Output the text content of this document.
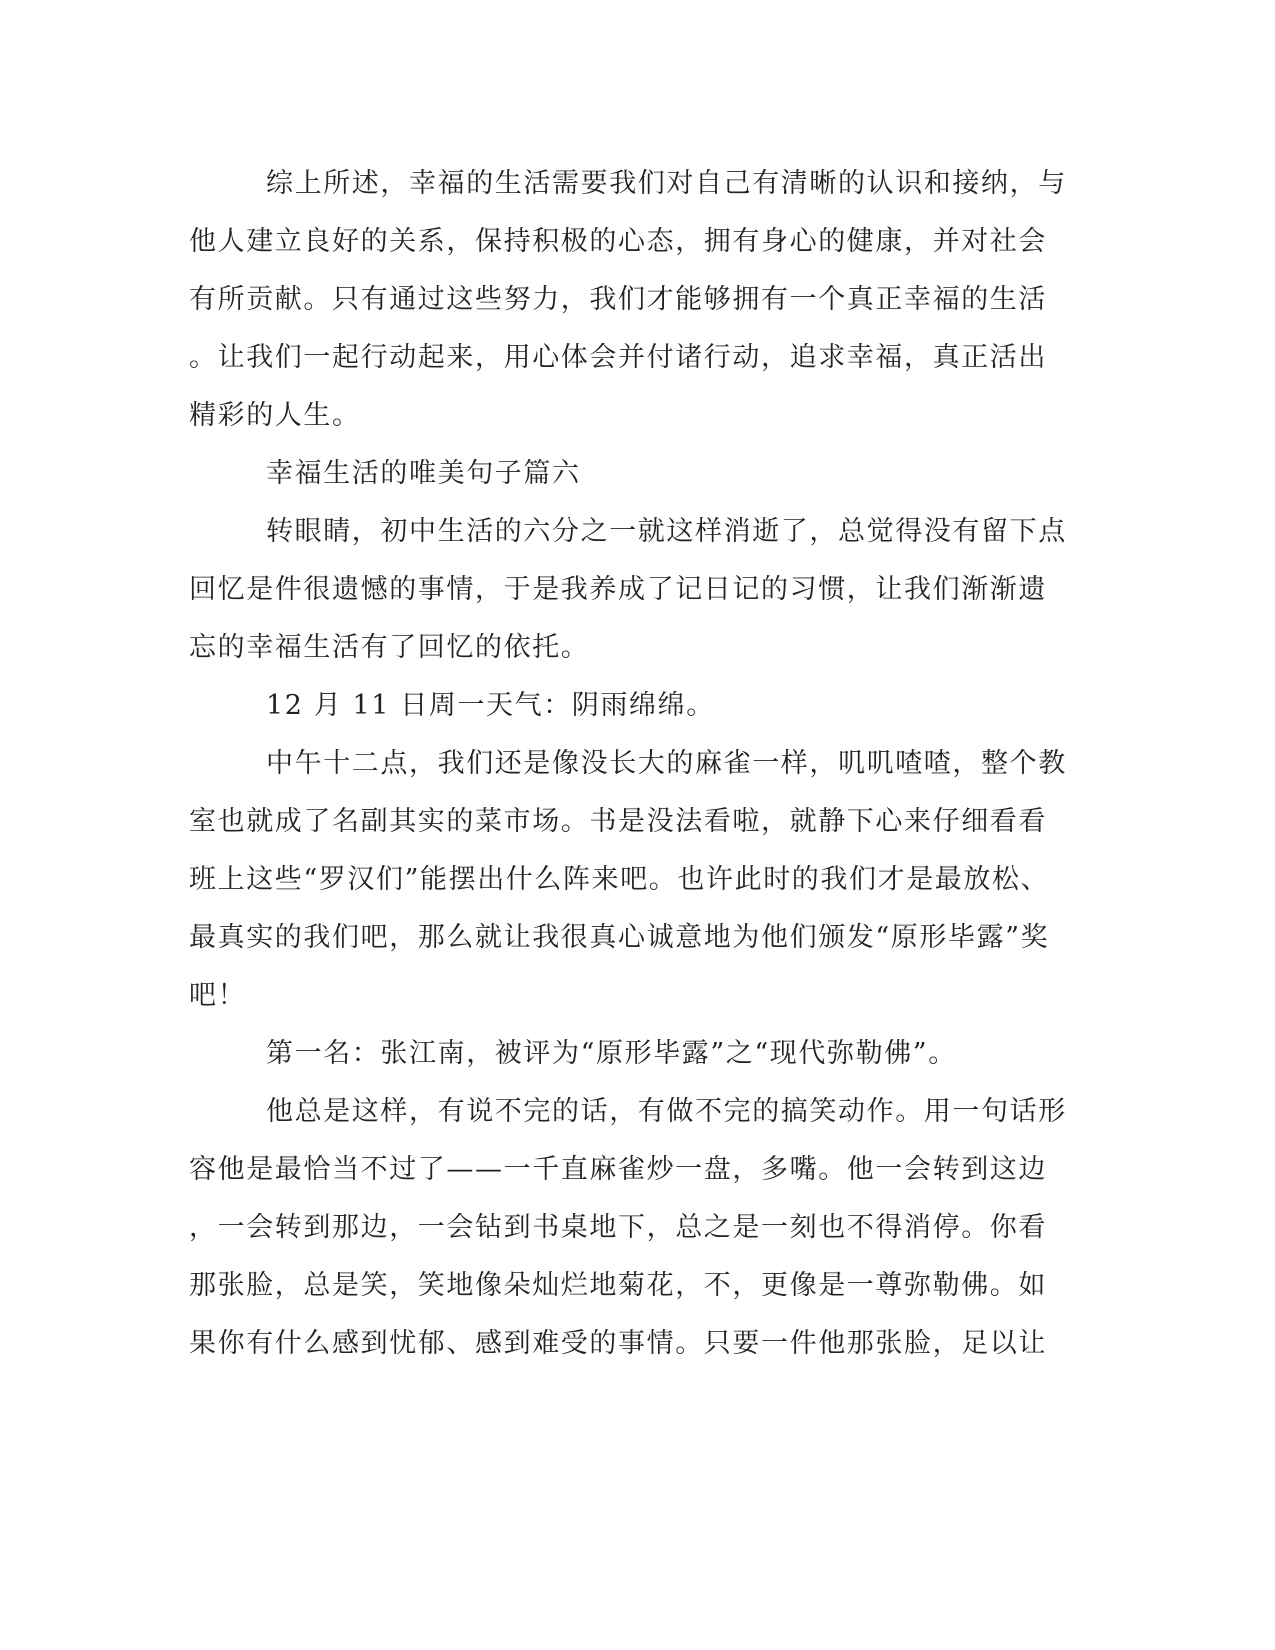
综上所述，幸福的生活需要我们对自己有清晰的认识和接纳，与
他人建立良好的关系，保持积极的心态，拥有身心的健康，并对社会
有所贡献。只有通过这些努力，我们才能够拥有一个真正幸福的生活
。让我们一起行动起来，用心体会并付诸行动，追求幸福，真正活出
精彩的人生。
幸福生活的唯美句子篇六
转眼睛，初中生活的六分之一就这样消逝了，总觉得没有留下点
回忆是件很遗憾的事情，于是我养成了记日记的习惯，让我们渐渐遗
忘的幸福生活有了回忆的依托。
12 月 11 日周一天气：阴雨绵绵。
中午十二点，我们还是像没长大的麻雀一样，叽叽喳喳，整个教
室也就成了名副其实的菜市场。书是没法看啦，就静下心来仔细看看
班上这些“罗汉们”能摆出什么阵来吧。也许此时的我们才是最放松、
最真实的我们吧，那么就让我很真心诚意地为他们颁发“原形毕露”奖
吧！
第一名：张江南，被评为“原形毕露”之“现代弥勒佛”。
他总是这样，有说不完的话，有做不完的搞笑动作。用一句话形
容他是最恰当不过了——一千直麻雀炒一盘，多嘴。他一会转到这边
，一会转到那边，一会钻到书桌地下，总之是一刻也不得消停。你看
那张脸，总是笑，笑地像朵灿烂地菊花，不，更像是一尊弥勒佛。如
果你有什么感到忧郁、感到难受的事情。只要一件他那张脸，足以让
